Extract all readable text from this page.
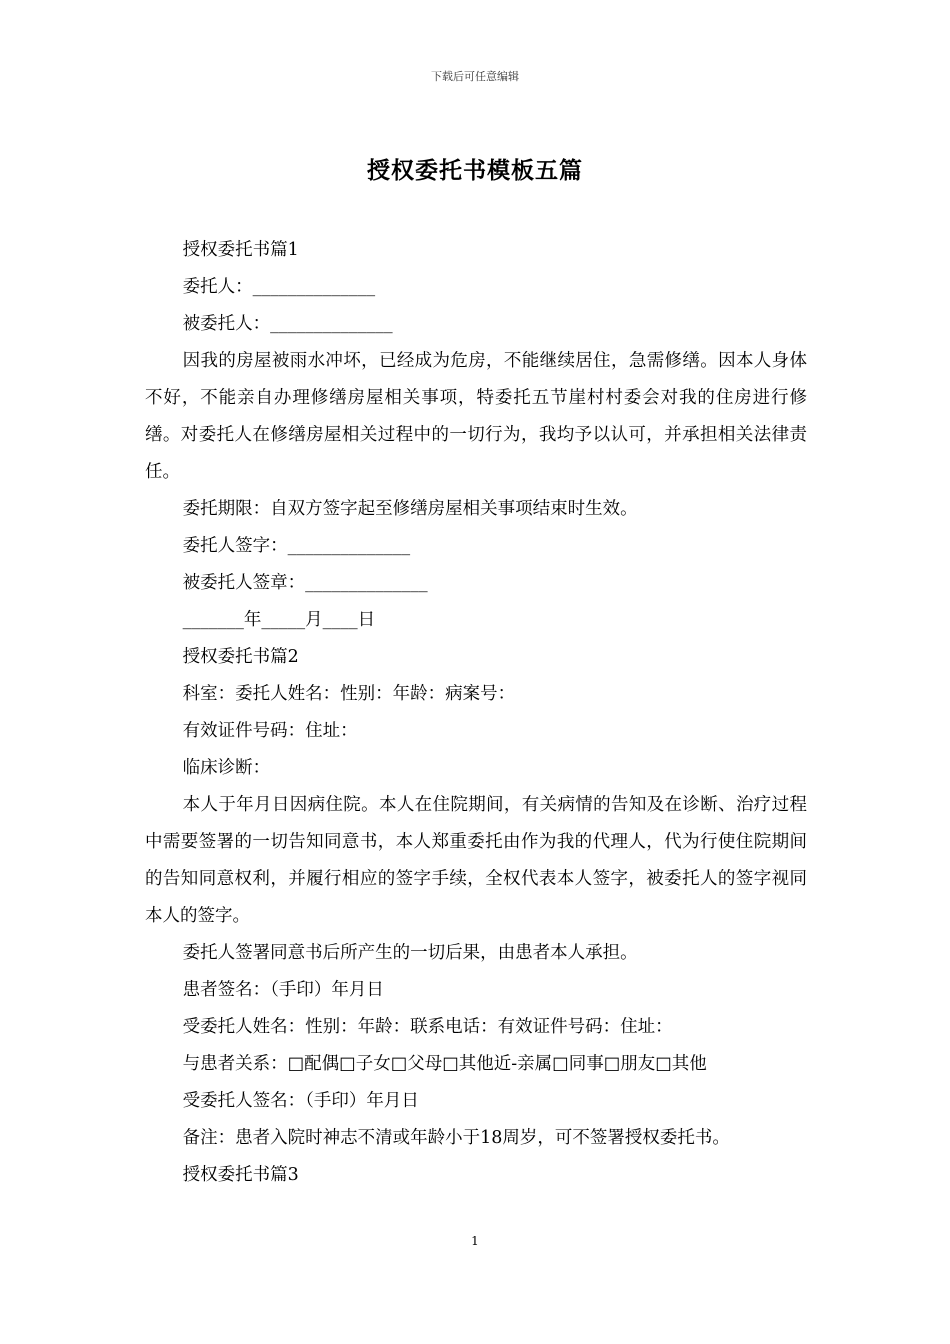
下载后可任意编辑
授权委托书模板五篇

授权委托书篇1

委托人：______________

被委托人：______________

因我的房屋被雨水冲坏，已经成为危房，不能继续居住，急需修缮。因本人身体不好，不能亲自办理修缮房屋相关事项，特委托五节崖村村委会对我的住房进行修缮。对委托人在修缮房屋相关过程中的一切行为，我均予以认可，并承担相关法律责任。

委托期限：自双方签字起至修缮房屋相关事项结束时生效。

委托人签字：______________

被委托人签章：______________

_______年_____月____日

授权委托书篇2

科室：委托人姓名：性别：年龄：病案号：

有效证件号码：住址：

临床诊断：

本人于年月日因病住院。本人在住院期间，有关病情的告知及在诊断、治疗过程中需要签署的一切告知同意书，本人郑重委托由作为我的代理人，代为行使住院期间的告知同意权利，并履行相应的签字手续，全权代表本人签字，被委托人的签字视同本人的签字。

委托人签署同意书后所产生的一切后果，由患者本人承担。

患者签名：（手印）年月日

受委托人姓名：性别：年龄：联系电话：有效证件号码：住址：

与患者关系：□配偶□子女□父母□其他近-亲属□同事□朋友□其他

受委托人签名：（手印）年月日

备注：患者入院时神志不清或年龄小于18周岁，可不签署授权委托书。

授权委托书篇3

1
